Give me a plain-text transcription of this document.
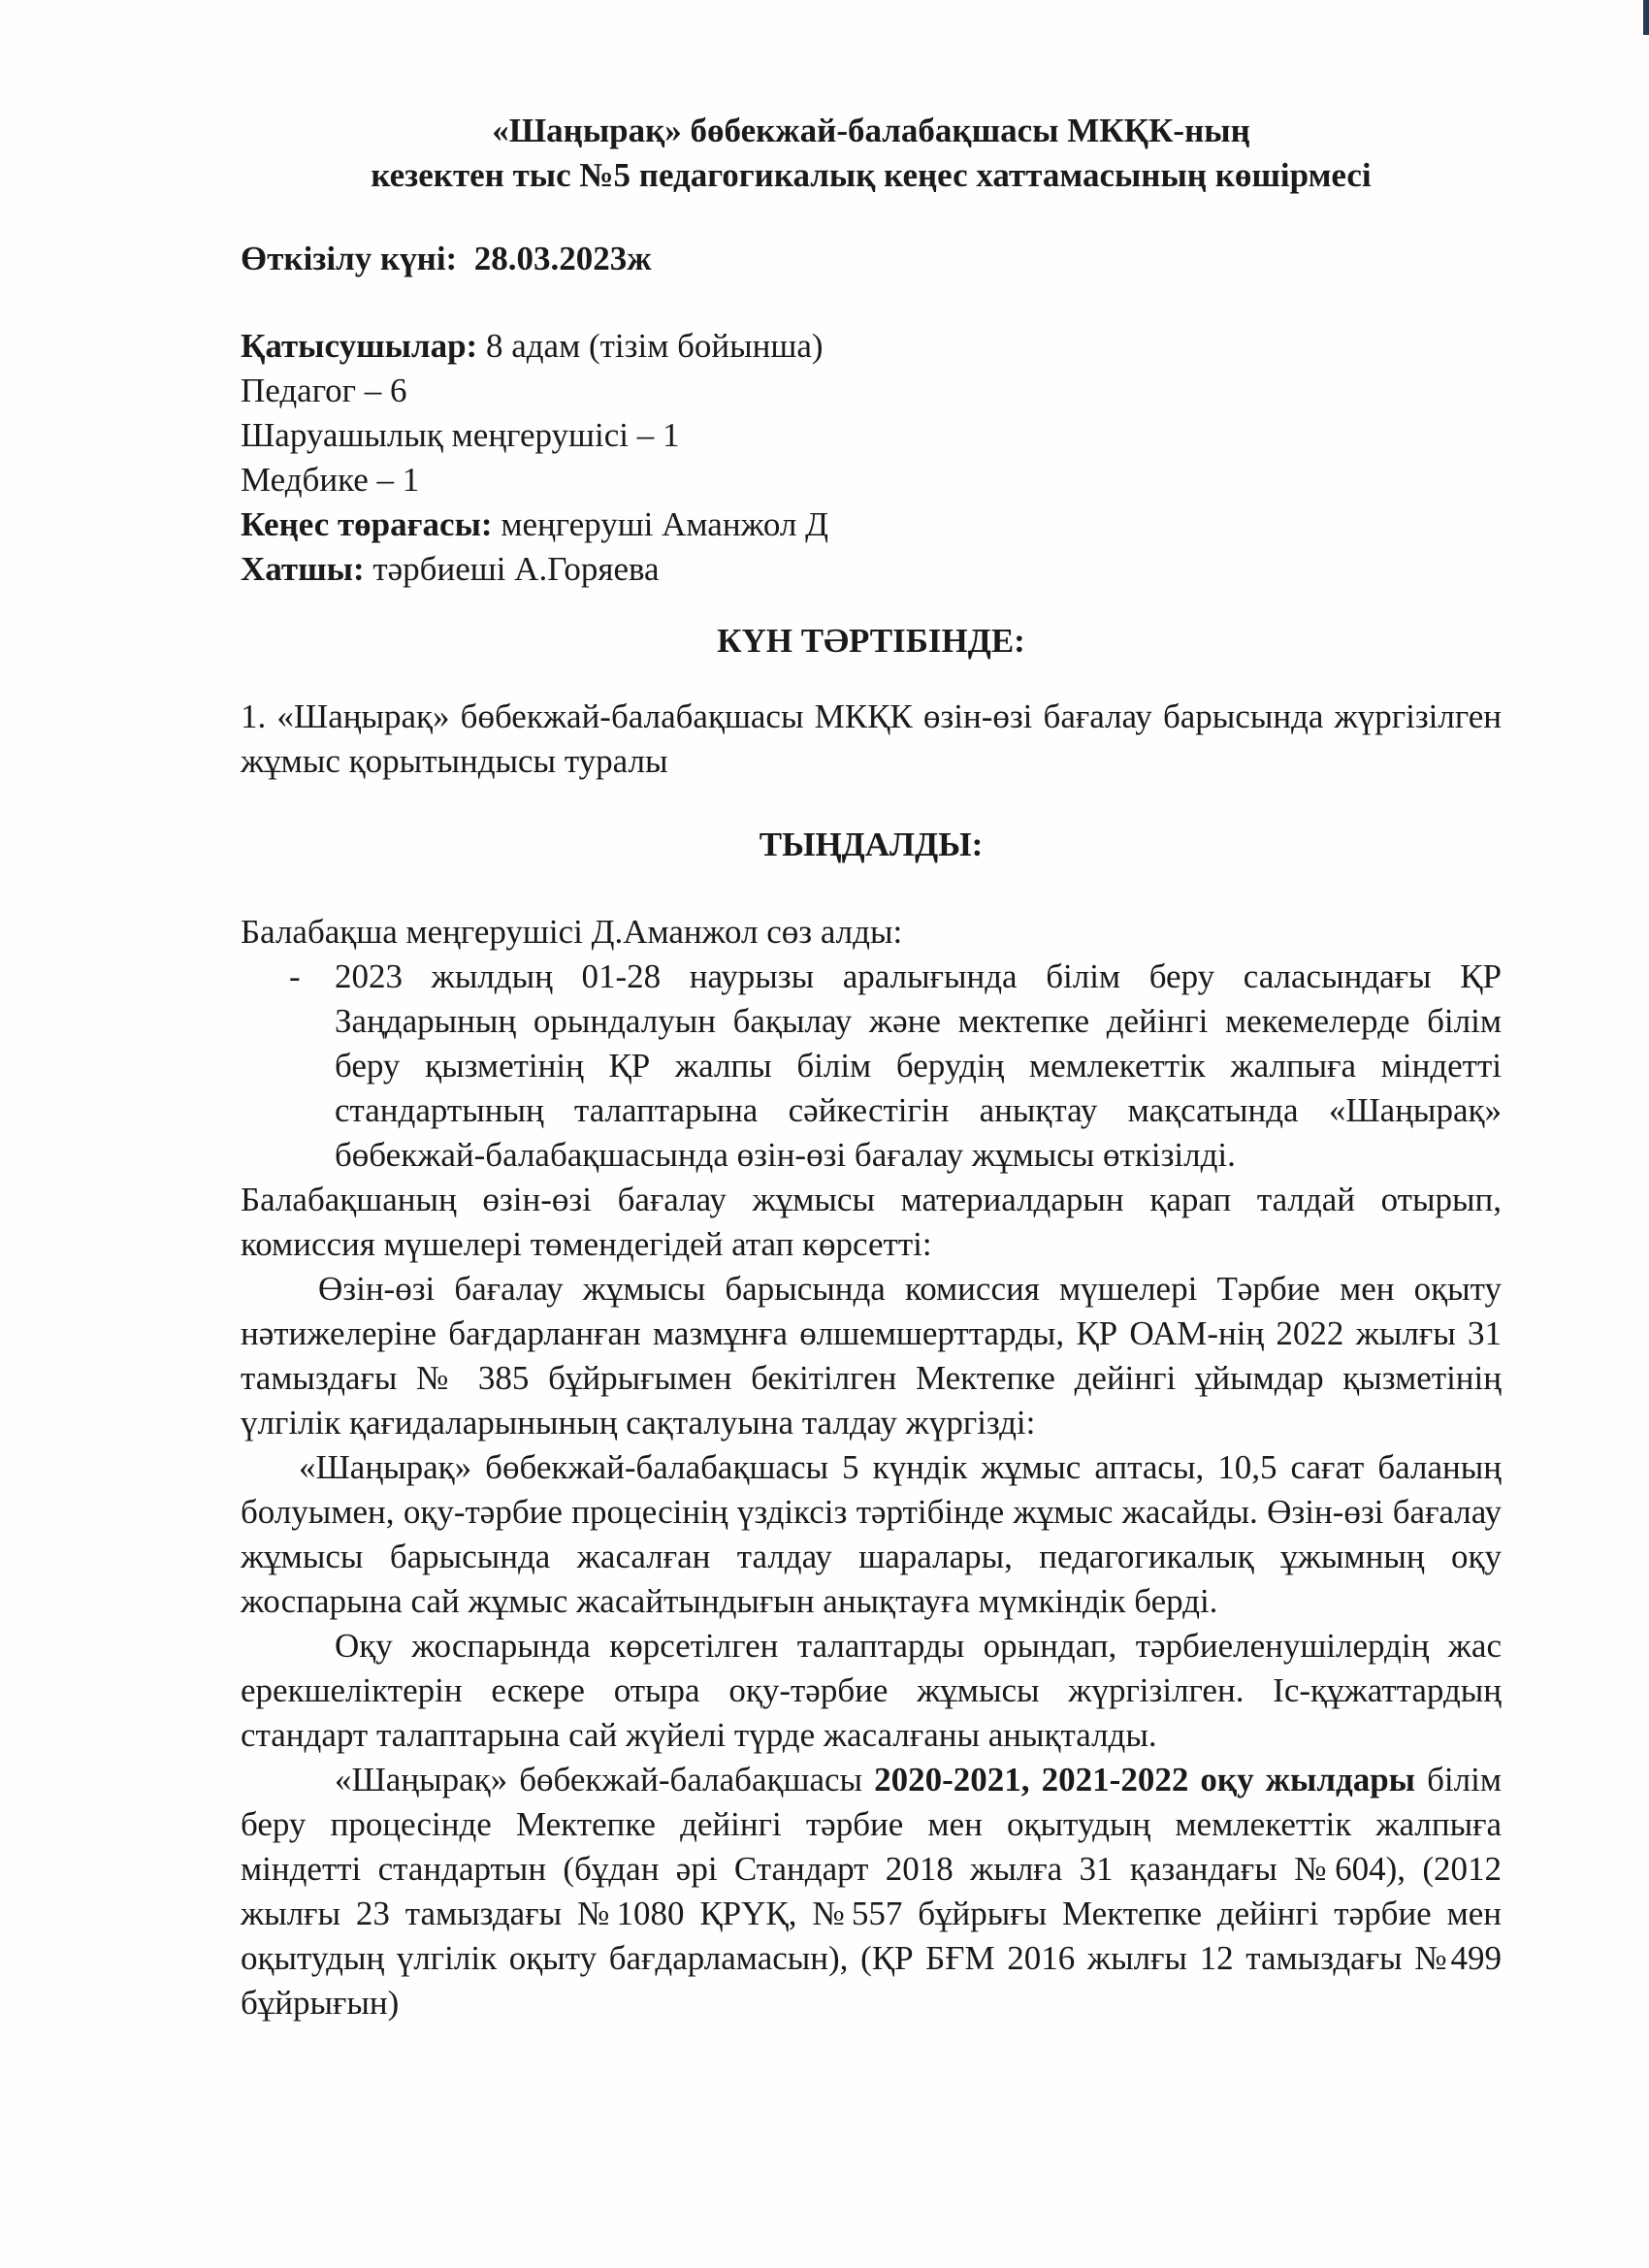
«Шаңырақ» бөбекжай-балабақшасы МКҚК-ның
кезектен тыс №5 педагогикалық кеңес хаттамасының көшірмесі
Өткізілу күні: 28.03.2023ж
Қатысушылар: 8 адам (тізім бойынша)
Педагог – 6
Шаруашылық меңгерушісі – 1
Медбике – 1
Кеңес төрағасы: меңгеруші Аманжол Д
Хатшы: тәрбиеші А.Горяева
КҮН ТӘРТІБІНДЕ:
1. «Шаңырақ» бөбекжай-балабақшасы МКҚК өзін-өзі бағалау барысында жүргізілген жұмыс қорытындысы туралы
ТЫҢДАЛДЫ:
Балабақша меңгерушісі Д.Аманжол сөз алды:
- 2023 жылдың 01-28 наурызы аралығында білім беру саласындағы ҚР Заңдарының орындалуын бақылау және мектепке дейінгі мекемелерде білім беру қызметінің ҚР жалпы білім берудің мемлекеттік жалпыға міндетті стандартының талаптарына сәйкестігін анықтау мақсатында «Шаңырақ» бөбекжай-балабақшасында өзін-өзі бағалау жұмысы өткізілді.
Балабақшаның өзін-өзі бағалау жұмысы материалдарын қарап талдай отырып, комиссия мүшелері төмендегідей атап көрсетті:
Өзін-өзі бағалау жұмысы барысында комиссия мүшелері Тәрбие мен оқыту нәтижелеріне бағдарланған мазмұнға өлшемшерттарды, ҚР ОАМ-нің 2022 жылғы 31 тамыздағы № 385 бұйрығымен бекітілген Мектепке дейінгі ұйымдар қызметінің үлгілік қағидаларынының сақталуына талдау жүргізді:
«Шаңырақ» бөбекжай-балабақшасы 5 күндік жұмыс аптасы, 10,5 сағат баланың болуымен, оқу-тәрбие процесінің үздіксіз тәртібінде жұмыс жасайды. Өзін-өзі бағалау жұмысы барысында жасалған талдау шаралары, педагогикалық ұжымның оқу жоспарына сай жұмыс жасайтындығын анықтауға мүмкіндік берді.
Оқу жоспарында көрсетілген талаптарды орындап, тәрбиеленушілердің жас ерекшеліктерін ескере отыра оқу-тәрбие жұмысы жүргізілген. Іс-құжаттардың стандарт талаптарына сай жүйелі түрде жасалғаны анықталды.
«Шаңырақ» бөбекжай-балабақшасы 2020-2021, 2021-2022 оқу жылдары білім беру процесінде Мектепке дейінгі тәрбие мен оқытудың мемлекеттік жалпыға міндетті стандартын (бұдан әрі Стандарт 2018 жылға 31 қазандағы №604), (2012 жылғы 23 тамыздағы №1080 ҚРҮҚ, №557 бұйрығы Мектепке дейінгі тәрбие мен оқытудың үлгілік оқыту бағдарламасын), (ҚР БҒМ 2016 жылғы 12 тамыздағы №499 бұйрығын)
